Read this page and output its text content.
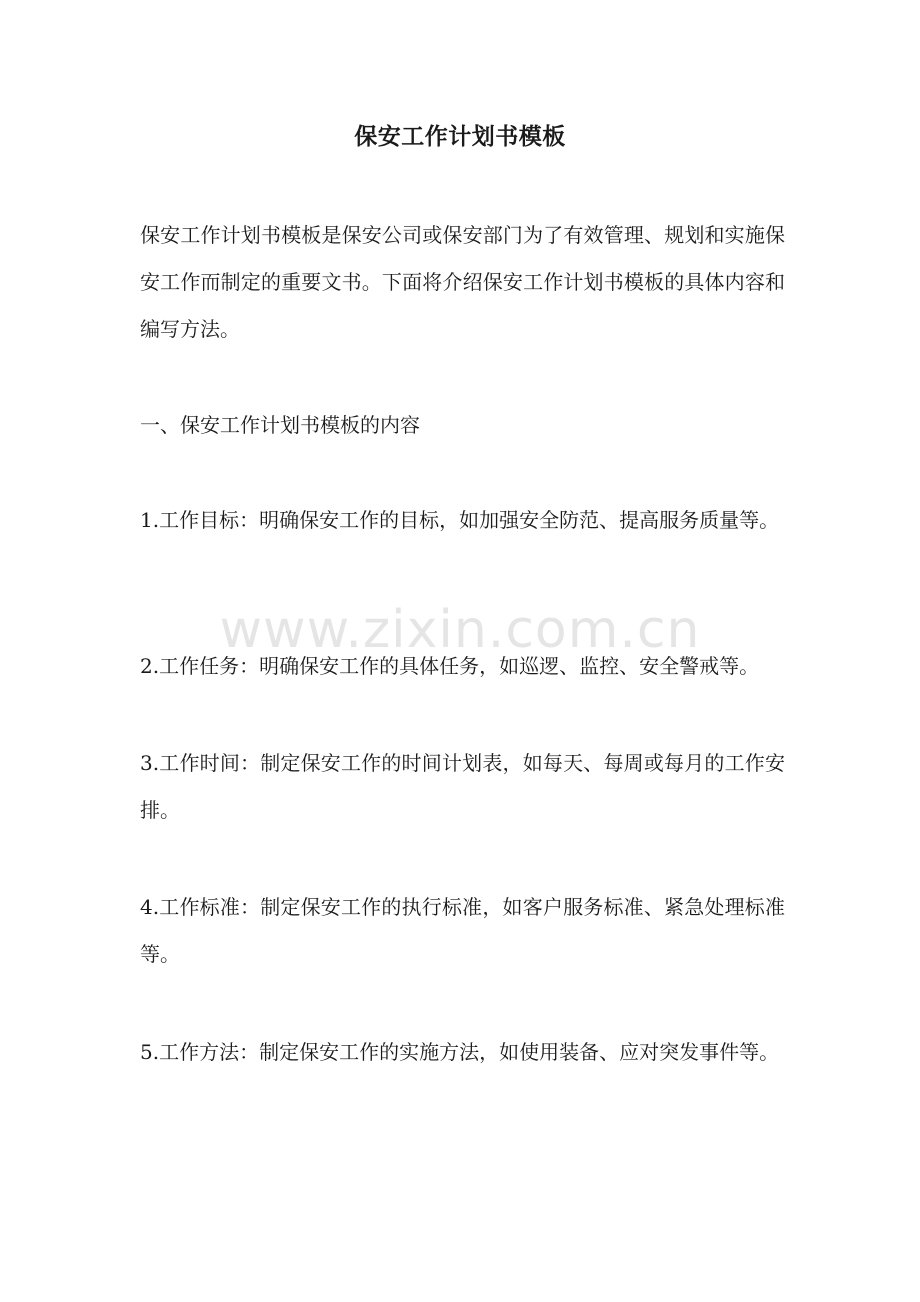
保安工作计划书模板

保安工作计划书模板是保安公司或保安部门为了有效管理、规划和实施保安工作而制定的重要文书。下面将介绍保安工作计划书模板的具体内容和编写方法。

一、保安工作计划书模板的内容

1.工作目标：明确保安工作的目标，如加强安全防范、提高服务质量等。

2.工作任务：明确保安工作的具体任务，如巡逻、监控、安全警戒等。

3.工作时间：制定保安工作的时间计划表，如每天、每周或每月的工作安排。

4.工作标准：制定保安工作的执行标准，如客户服务标准、紧急处理标准等。

5.工作方法：制定保安工作的实施方法，如使用装备、应对突发事件等。

www.zixin.com.cn
